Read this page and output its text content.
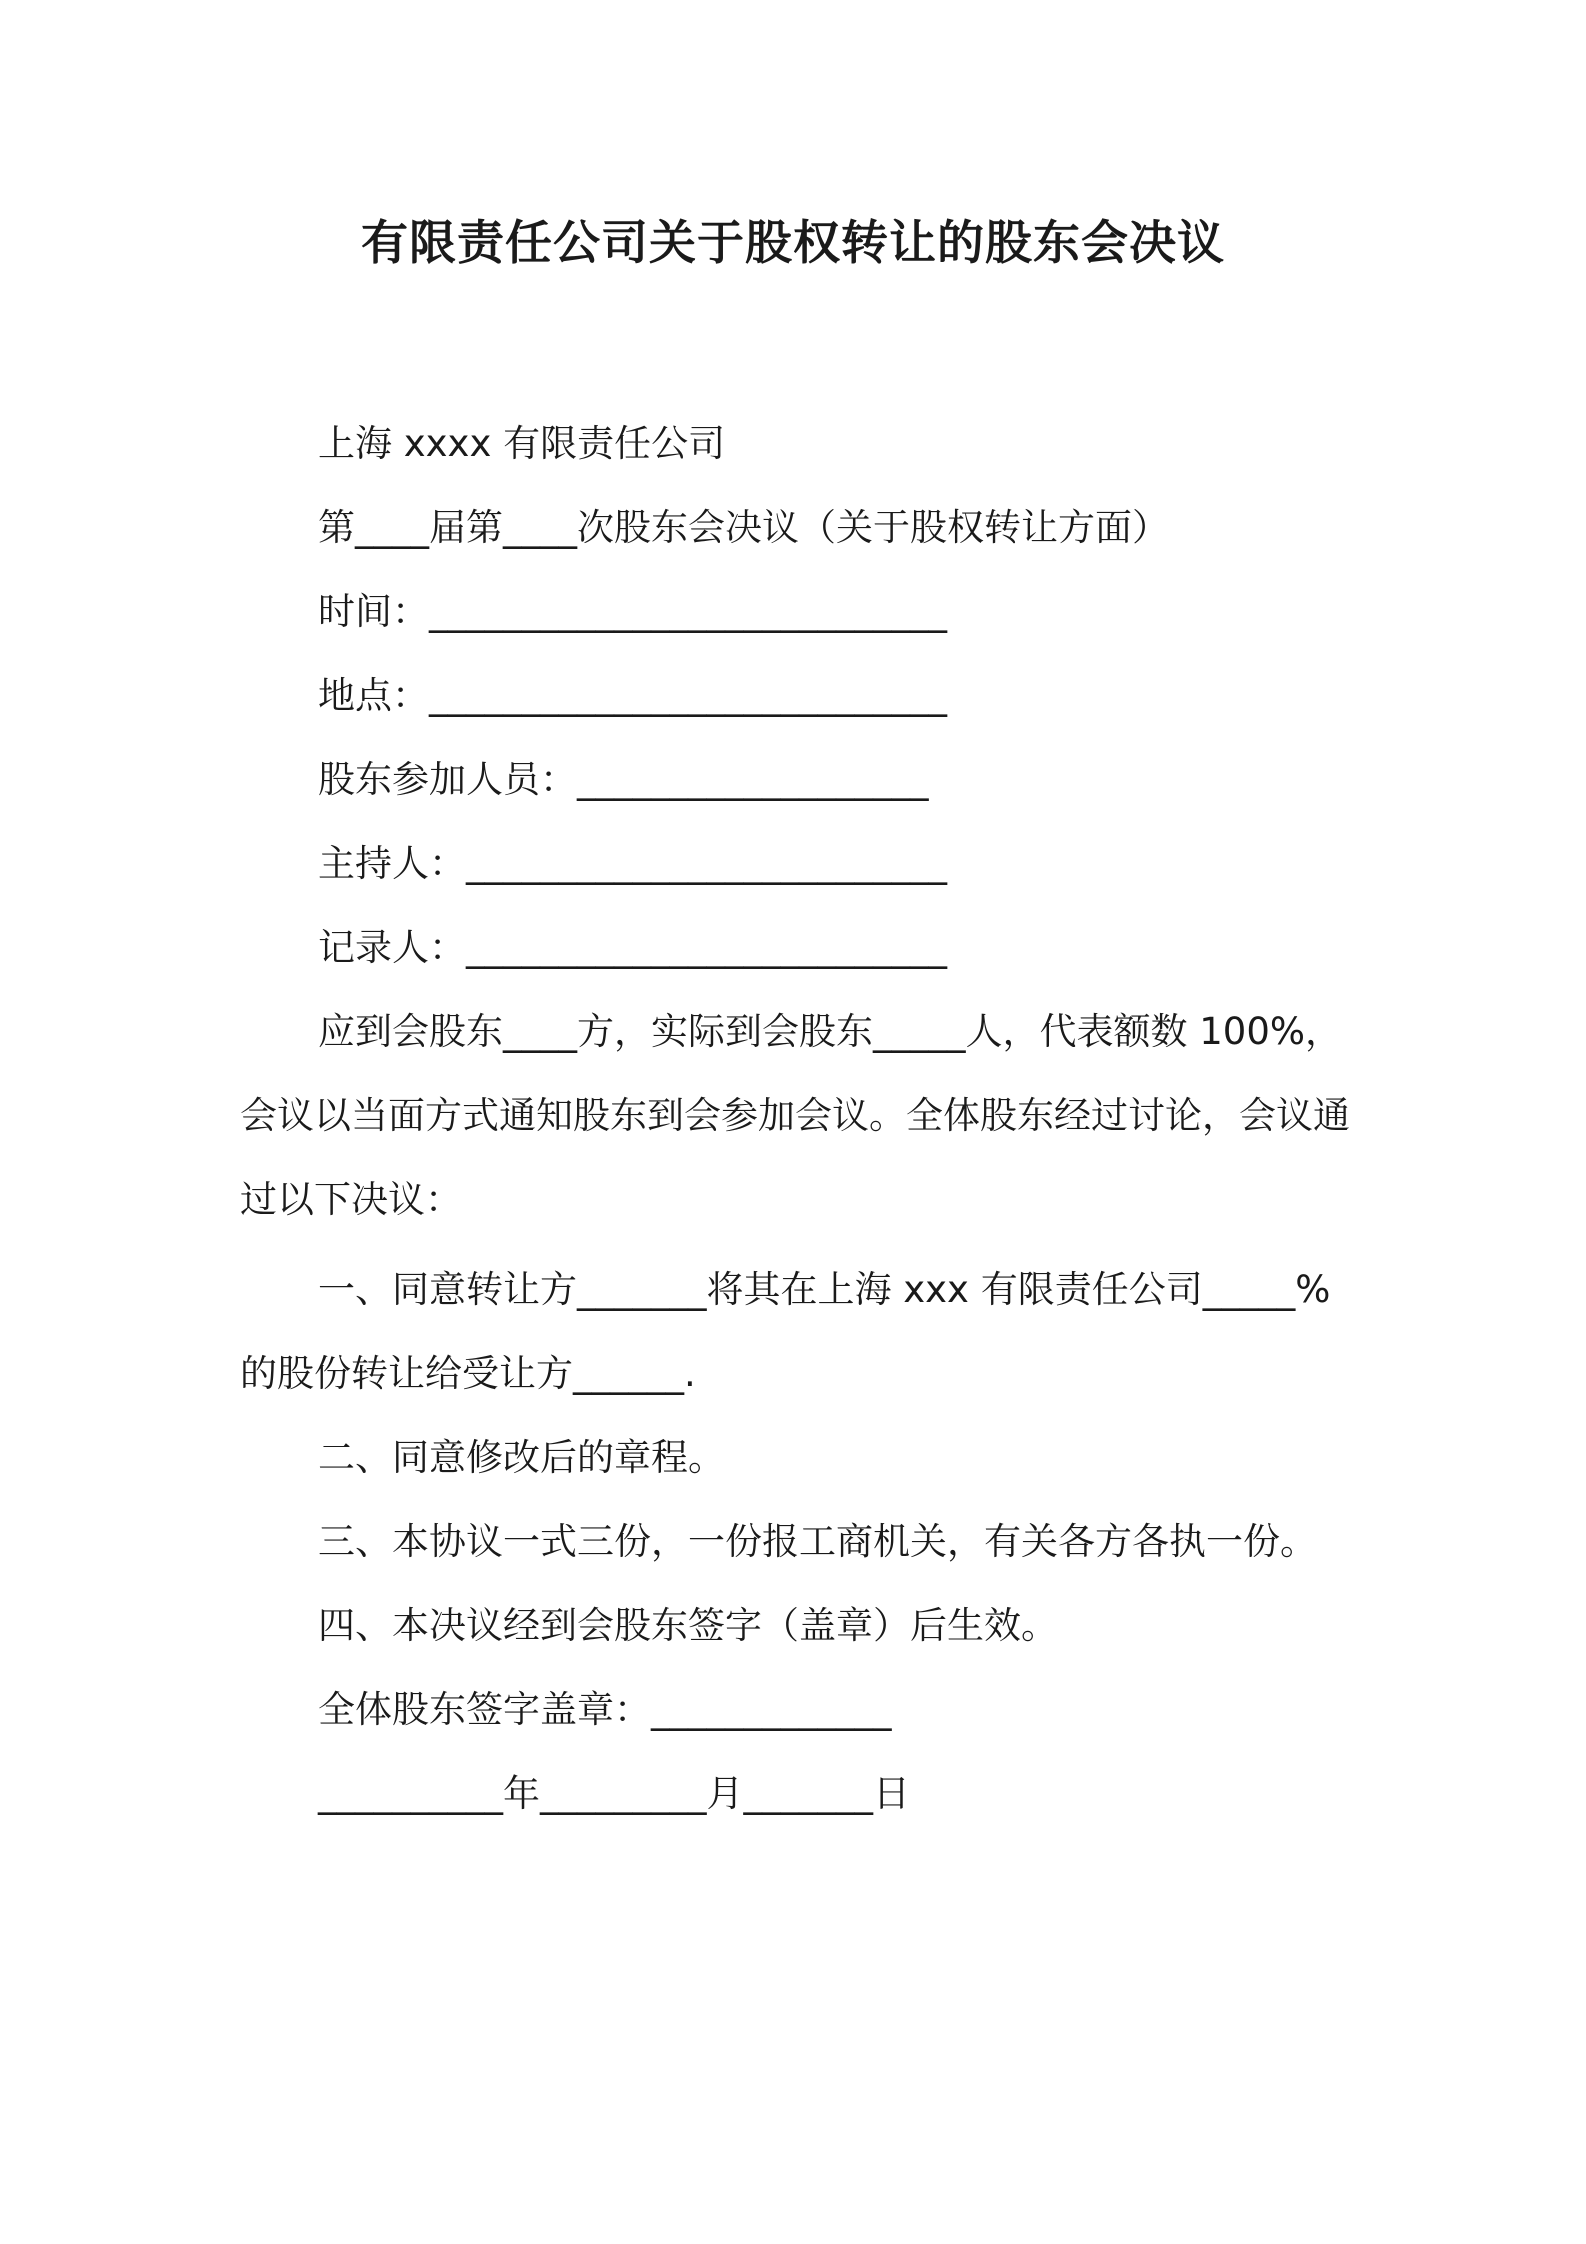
有限责任公司关于股权转让的股东会决议

上海 xxxx 有限责任公司

第____届第____次股东会决议（关于股权转让方面）

时间：____________________________

地点：____________________________

股东参加人员：___________________

主持人：__________________________

记录人：__________________________

应到会股东____方，实际到会股东_____人，代表额数 100%，

会议以当面方式通知股东到会参加会议。全体股东经过讨论，会议通

过以下决议：

一、同意转让方_______将其在上海 xxx 有限责任公司_____%

的股份转让给受让方______.

二、同意修改后的章程。

三、本协议一式三份，一份报工商机关，有关各方各执一份。

四、本决议经到会股东签字（盖章）后生效。

全体股东签字盖章：_____________

__________年_________月_______日
